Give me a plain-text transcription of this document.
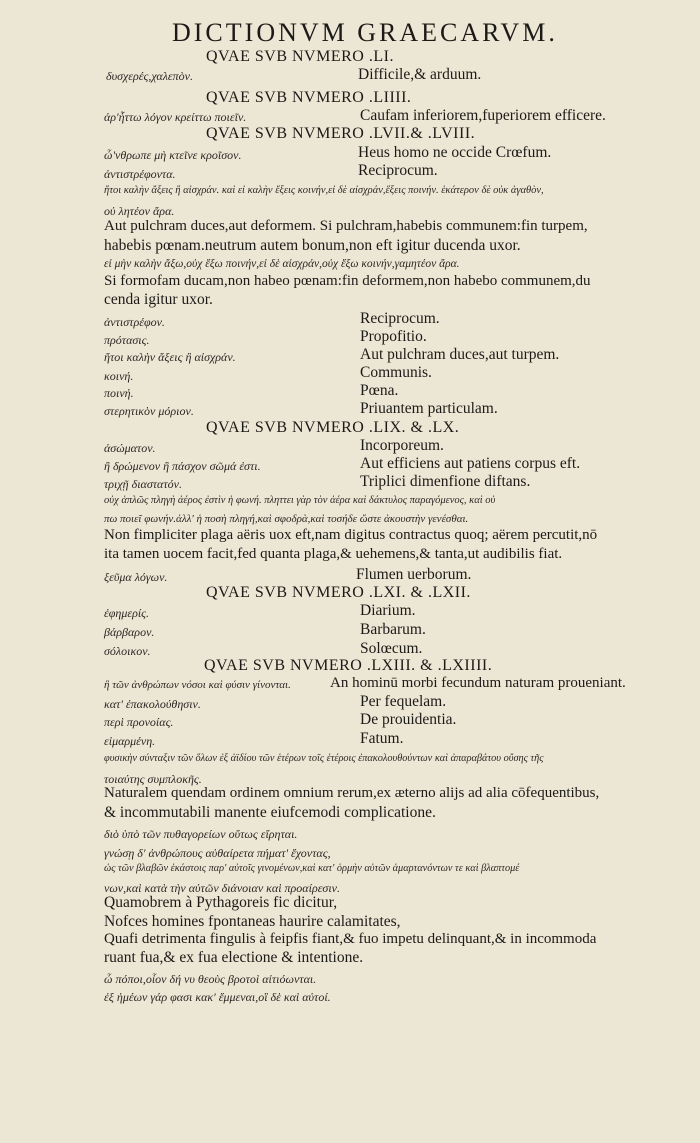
DICTIONVM GRAECARVM.
QVAE SVB NVMERO .LI.
δυσχερές,χαλεπὸν.	Difficile,& arduum.
QVAE SVB NVMERO .LIIII.
ἀρ'ἧττω λόγον κρείττω ποιεῖν.	Caufam inferiorem,fuperiorem efficere.
QVAE SVB NVMERO .LVII.& .LVIII.
ὦ'νθρωπε μὴ κτεῖνε κροῖσον.	Heus homo ne occide Crœfum.
ἀντιστρέφοντα.	Reciprocum.
ἤτοι καλὴν ἄξεις ἢ αἰσχράν. καὶ εἰ καλὴν ἕξεις κοινήν,εἰ δὲ αἰσχράν,ἕξεις ποινήν. ἑκάτερον δὲ οὐκ ἀγαθὸν,
οὐ λητέον ἄρα.
Aut pulchram duces,aut deformem. Si pulchram,habebis communem:fin turpem,
habebis pœnam.neutrum autem bonum,non eft igitur ducenda uxor.
εἰ μὴν καλὴν ἄξω,οὐχ ἕξω ποινήν,εἰ δὲ αἰσχράν,οὐχ ἕξω κοινήν,γαμητέον ἄρα.
Si formofam ducam,non habeo pœnam:fin deformem,non habebo communem,du
cenda igitur uxor.
ἀντιστρέφον.	Reciprocum.
πρότασις.	Propofitio.
ἤτοι καλὴν ἄξεις ἢ αἰσχράν.	Aut pulchram duces,aut turpem.
κοινή.	Communis.
ποινή.	Pœna.
στερητικὸν μόριον.	Priuantem particulam.
QVAE SVB NVMERO .LIX. & .LX.
ἀσώματον.	Incorporeum.
ἢ δρώμενον ἢ πάσχον σῶμά ἐστι.	Aut efficiens aut patiens corpus eft.
τριχῇ διαστατόν.	Triplici dimenfione diftans.
οὐχ ἁπλῶς πληγὴ ἀέρος ἐστὶν ἡ φωνή. πληττει γὰρ τὸν ἀέρα καὶ δάκτυλος παραγόμενος, καὶ οὐ
πω ποιεῖ φωνήν.ἀλλ' ἡ ποσὴ πληγή,καὶ σφοδρὰ,καὶ τοσήδε ὥστε ἀκουστὴν γενέσθαι.
Non fimpliciter plaga aëris uox eft,nam digitus contractus quoq; aërem percutit,nō
ita tamen uocem facit,fed quanta plaga,& uehemens,& tanta,ut audibilis fiat.
ξεῦμα λόγων.	Flumen uerborum.
QVAE SVB NVMERO .LXI. & .LXII.
ἐφημερίς.	Diarium.
βάρβαρον.	Barbarum.
σόλοικον.	Solœcum.
QVAE SVB NVMERO .LXIII. & .LXIIII.
ἢ τῶν ἀνθρώπων νόσοι καὶ φύσιν γίνονται.	An hominū morbi fecundum naturam proueniant.
κατ' ἐπακολούθησιν.	Per fequelam.
περὶ προνοίας.	De prouidentia.
εἱμαρμένη.	Fatum.
φυσικὴν σύνταξιν τῶν ὅλων ἐξ ἀϊδίου τῶν ἑτέρων τοῖς ἑτέροις ἐπακολουθούντων καὶ ἀπαραβάτου οὔσης τῆς
τοιαύτης συμπλοκῆς.
Naturalem quendam ordinem omnium rerum,ex æterno alijs ad alia cōfequentibus,
& incommutabili manente eiufcemodi complicatione.
διὸ ὑπὸ τῶν πυθαγορείων οὕτως εἴρηται.
γνώσῃ δ' ἀνθρώπους αὐθαίρετα πήματ' ἔχοντας,
ὡς τῶν βλαβῶν ἑκάστοις παρ' αὐτοῖς γινομένων,καὶ κατ' ὁρμὴν αὐτῶν ἁμαρτανόντων τε καὶ βλαπτομέ
νων,καὶ κατὰ τὴν αὐτῶν διάνοιαν καὶ προαίρεσιν.
Quamobrem à Pythagoreis fic dicitur,
Nofces homines fpontaneas haurire calamitates,
Quafi detrimenta fingulis à feipfis fiant,& fuo impetu delinquant,& in incommoda
ruant fua,& ex fua electione & intentione.
ὦ πόποι,οἷον δή νυ θεοὺς βροτοὶ αἰτιόωνται.
ἐξ ἡμέων γάρ φασι κακ' ἔμμεναι,οἳ δὲ καὶ αὐτοί.
